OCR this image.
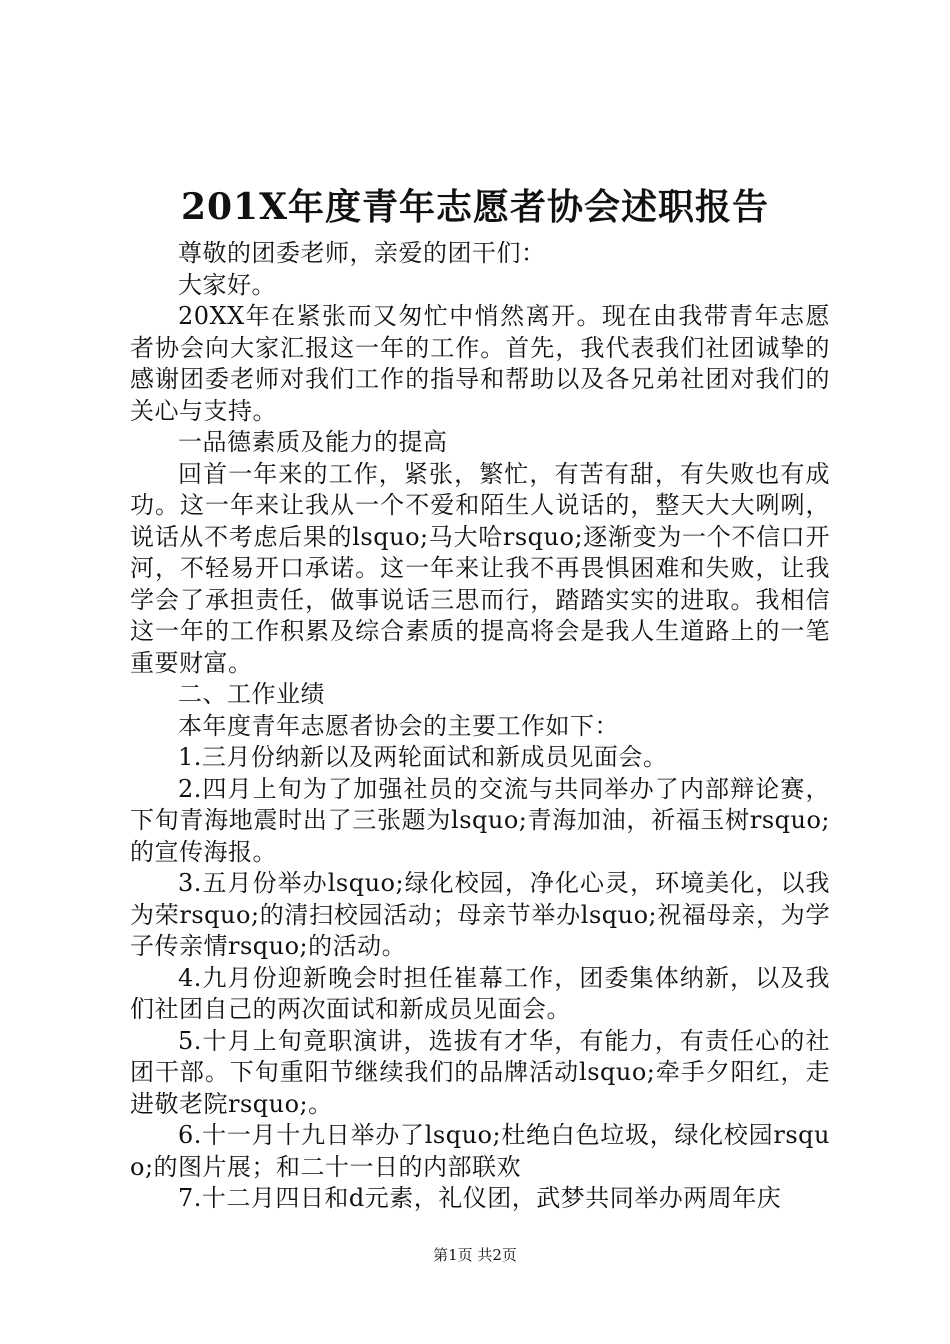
201X年度青年志愿者协会述职报告

尊敬的团委老师，亲爱的团干们：

大家好。

20XX年在紧张而又匆忙中悄然离开。现在由我带青年志愿者协会向大家汇报这一年的工作。首先，我代表我们社团诚挚的感谢团委老师对我们工作的指导和帮助以及各兄弟社团对我们的关心与支持。

一品德素质及能力的提高

回首一年来的工作，紧张，繁忙，有苦有甜，有失败也有成功。这一年来让我从一个不爱和陌生人说话的，整天大大咧咧，说话从不考虑后果的lsquo;马大哈rsquo;逐渐变为一个不信口开河，不轻易开口承诺。这一年来让我不再畏惧困难和失败，让我学会了承担责任，做事说话三思而行，踏踏实实的进取。我相信这一年的工作积累及综合素质的提高将会是我人生道路上的一笔重要财富。

二、工作业绩

本年度青年志愿者协会的主要工作如下：

1.三月份纳新以及两轮面试和新成员见面会。

2.四月上旬为了加强社员的交流与共同举办了内部辩论赛，下旬青海地震时出了三张题为lsquo;青海加油，祈福玉树rsquo;的宣传海报。

3.五月份举办lsquo;绿化校园，净化心灵，环境美化，以我为荣rsquo;的清扫校园活动；母亲节举办lsquo;祝福母亲，为学子传亲情rsquo;的活动。

4.九月份迎新晚会时担任崔幕工作，团委集体纳新，以及我们社团自己的两次面试和新成员见面会。

5.十月上旬竟职演讲，选拔有才华，有能力，有责任心的社团干部。下旬重阳节继续我们的品牌活动lsquo;牵手夕阳红，走进敬老院rsquo;。

6.十一月十九日举办了lsquo;杜绝白色垃圾，绿化校园rsquo;的图片展；和二十一日的内部联欢

7.十二月四日和d元素，礼仪团，武梦共同举办两周年庆

第1页 共2页
